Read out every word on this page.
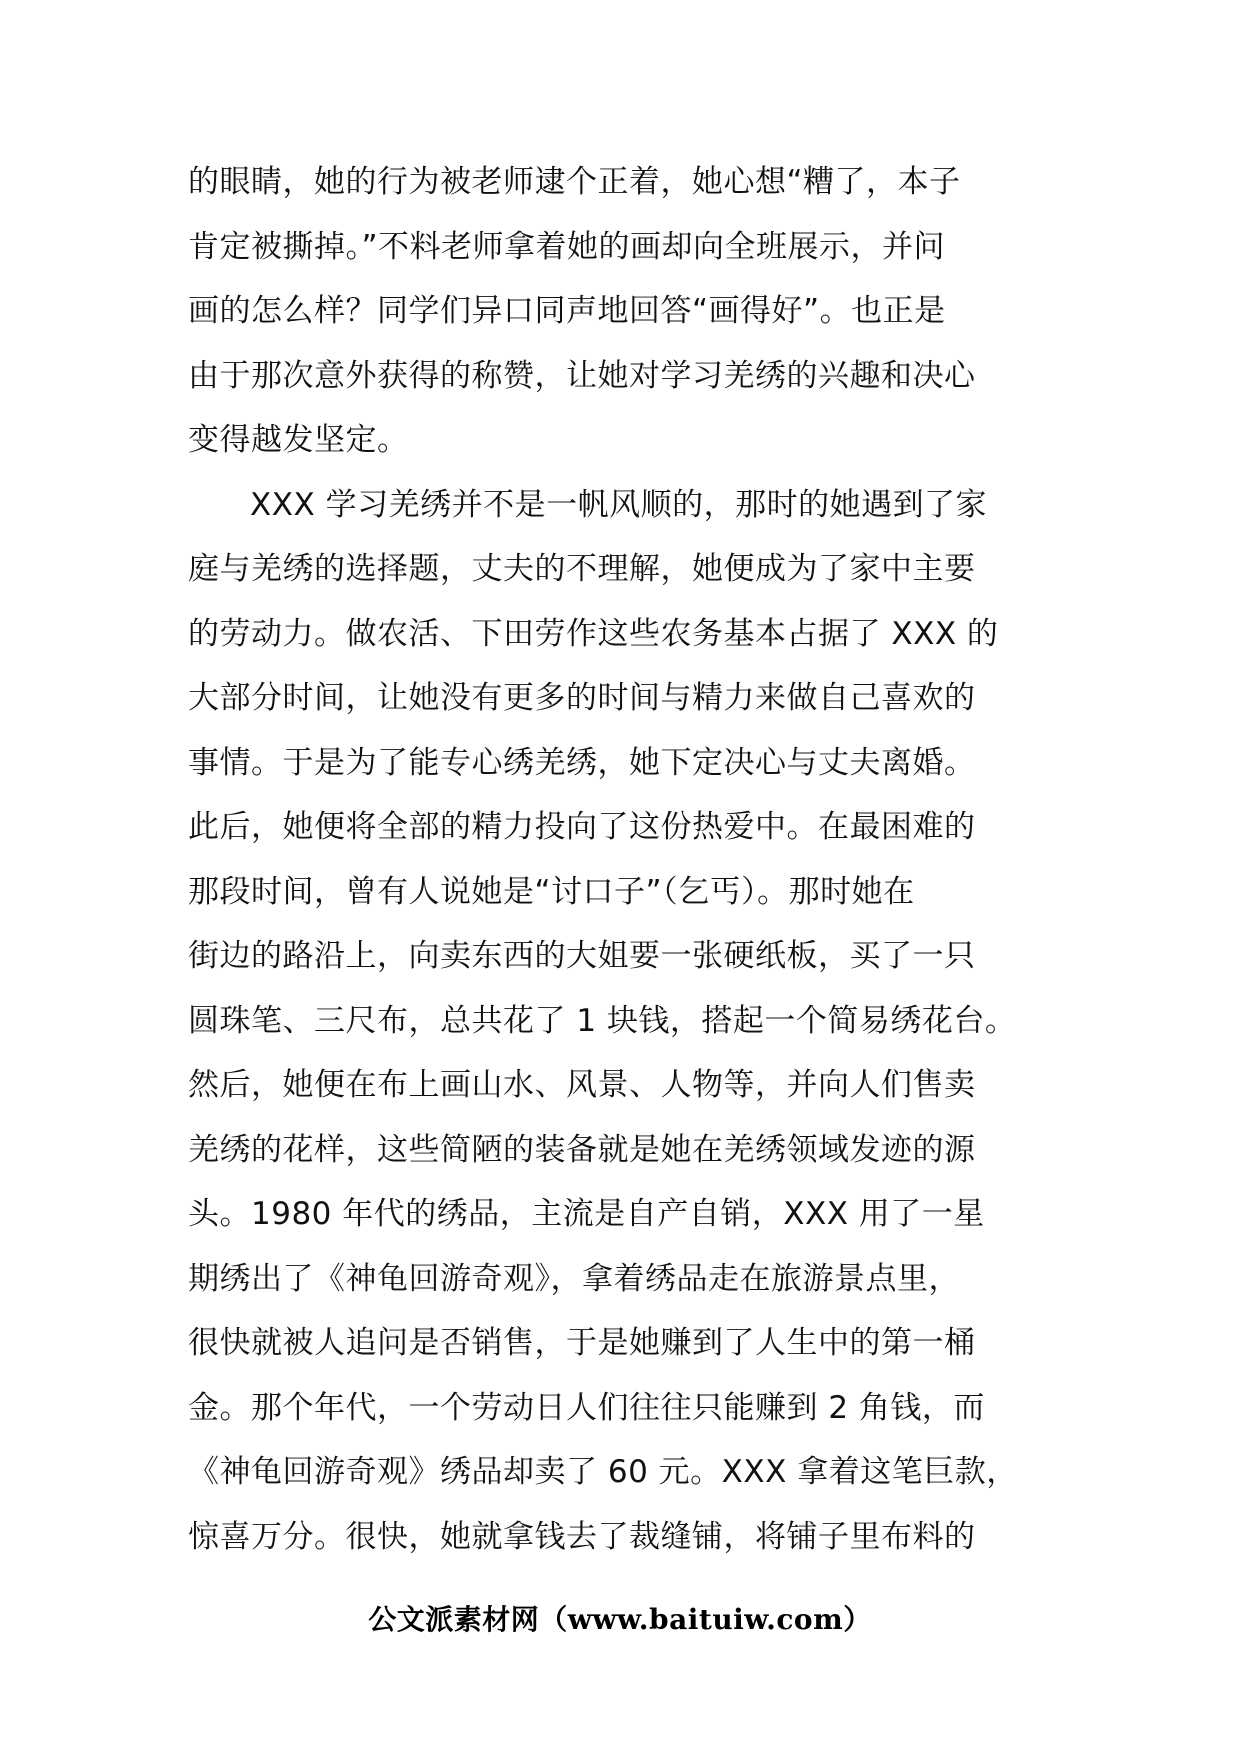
的眼睛，她的行为被老师逮个正着，她心想“糟了，本子
肯定被撕掉。”不料老师拿着她的画却向全班展示，并问
画的怎么样？同学们异口同声地回答“画得好”。也正是
由于那次意外获得的称赞，让她对学习羌绣的兴趣和决心
变得越发坚定。
XXX 学习羌绣并不是一帆风顺的，那时的她遇到了家
庭与羌绣的选择题，丈夫的不理解，她便成为了家中主要
的劳动力。做农活、下田劳作这些农务基本占据了 XXX 的
大部分时间，让她没有更多的时间与精力来做自己喜欢的
事情。于是为了能专心绣羌绣，她下定决心与丈夫离婚。
此后，她便将全部的精力投向了这份热爱中。在最困难的
那段时间，曾有人说她是“讨口子”（乞丐）。那时她在
街边的路沿上，向卖东西的大姐要一张硬纸板，买了一只
圆珠笔、三尺布，总共花了 1 块钱，搭起一个简易绣花台。
然后，她便在布上画山水、风景、人物等，并向人们售卖
羌绣的花样，这些简陋的装备就是她在羌绣领域发迹的源
头。1980 年代的绣品，主流是自产自销，XXX 用了一星
期绣出了《神龟回游奇观》，拿着绣品走在旅游景点里，
很快就被人追问是否销售，于是她赚到了人生中的第一桶
金。那个年代，一个劳动日人们往往只能赚到 2 角钱，而
《神龟回游奇观》绣品却卖了 60 元。XXX 拿着这笔巨款，
惊喜万分。很快，她就拿钱去了裁缝铺，将铺子里布料的
公文派素材网（www.baituiw.com）
